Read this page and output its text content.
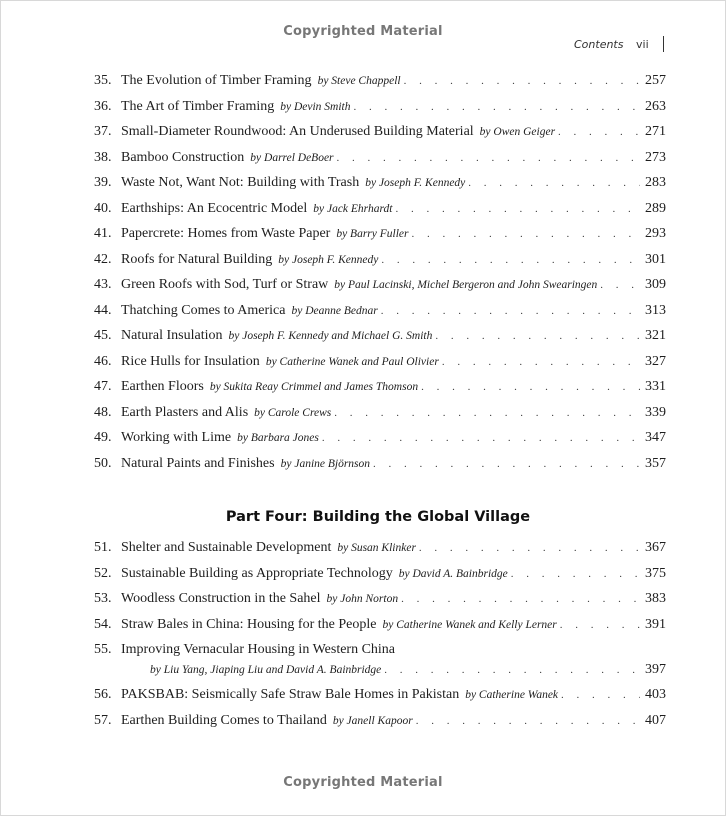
Copyrighted Material
Contents vii
35. The Evolution of Timber Framing by Steve Chappell . . .	257
36. The Art of Timber Framing by Devin Smith . . .	263
37. Small-Diameter Roundwood: An Underused Building Material by Owen Geiger . . .	271
38. Bamboo Construction by Darrel DeBoer . . .	273
39. Waste Not, Want Not: Building with Trash by Joseph F. Kennedy . . .	283
40. Earthships: An Ecocentric Model by Jack Ehrhardt . . .	289
41. Papercrete: Homes from Waste Paper by Barry Fuller . . .	293
42. Roofs for Natural Building by Joseph F. Kennedy . . .	301
43. Green Roofs with Sod, Turf or Straw by Paul Lacinski, Michel Bergeron and John Swearingen . . .	309
44. Thatching Comes to America by Deanne Bednar . . .	313
45. Natural Insulation by Joseph F. Kennedy and Michael G. Smith . . .	321
46. Rice Hulls for Insulation by Catherine Wanek and Paul Olivier . . .	327
47. Earthen Floors by Sukita Reay Crimmel and James Thomson . . .	331
48. Earth Plasters and Alis by Carole Crews . . .	339
49. Working with Lime by Barbara Jones . . .	347
50. Natural Paints and Finishes by Janine Björnson . . .	357
Part Four: Building the Global Village
51. Shelter and Sustainable Development by Susan Klinker . . .	367
52. Sustainable Building as Appropriate Technology by David A. Bainbridge . . .	375
53. Woodless Construction in the Sahel by John Norton . . .	383
54. Straw Bales in China: Housing for the People by Catherine Wanek and Kelly Lerner . . .	391
55. Improving Vernacular Housing in Western China
by Liu Yang, Jiaping Liu and David A. Bainbridge . . .	397
56. PAKSBAB: Seismically Safe Straw Bale Homes in Pakistan by Catherine Wanek . . .	403
57. Earthen Building Comes to Thailand by Janell Kapoor . . .	407
Copyrighted Material
